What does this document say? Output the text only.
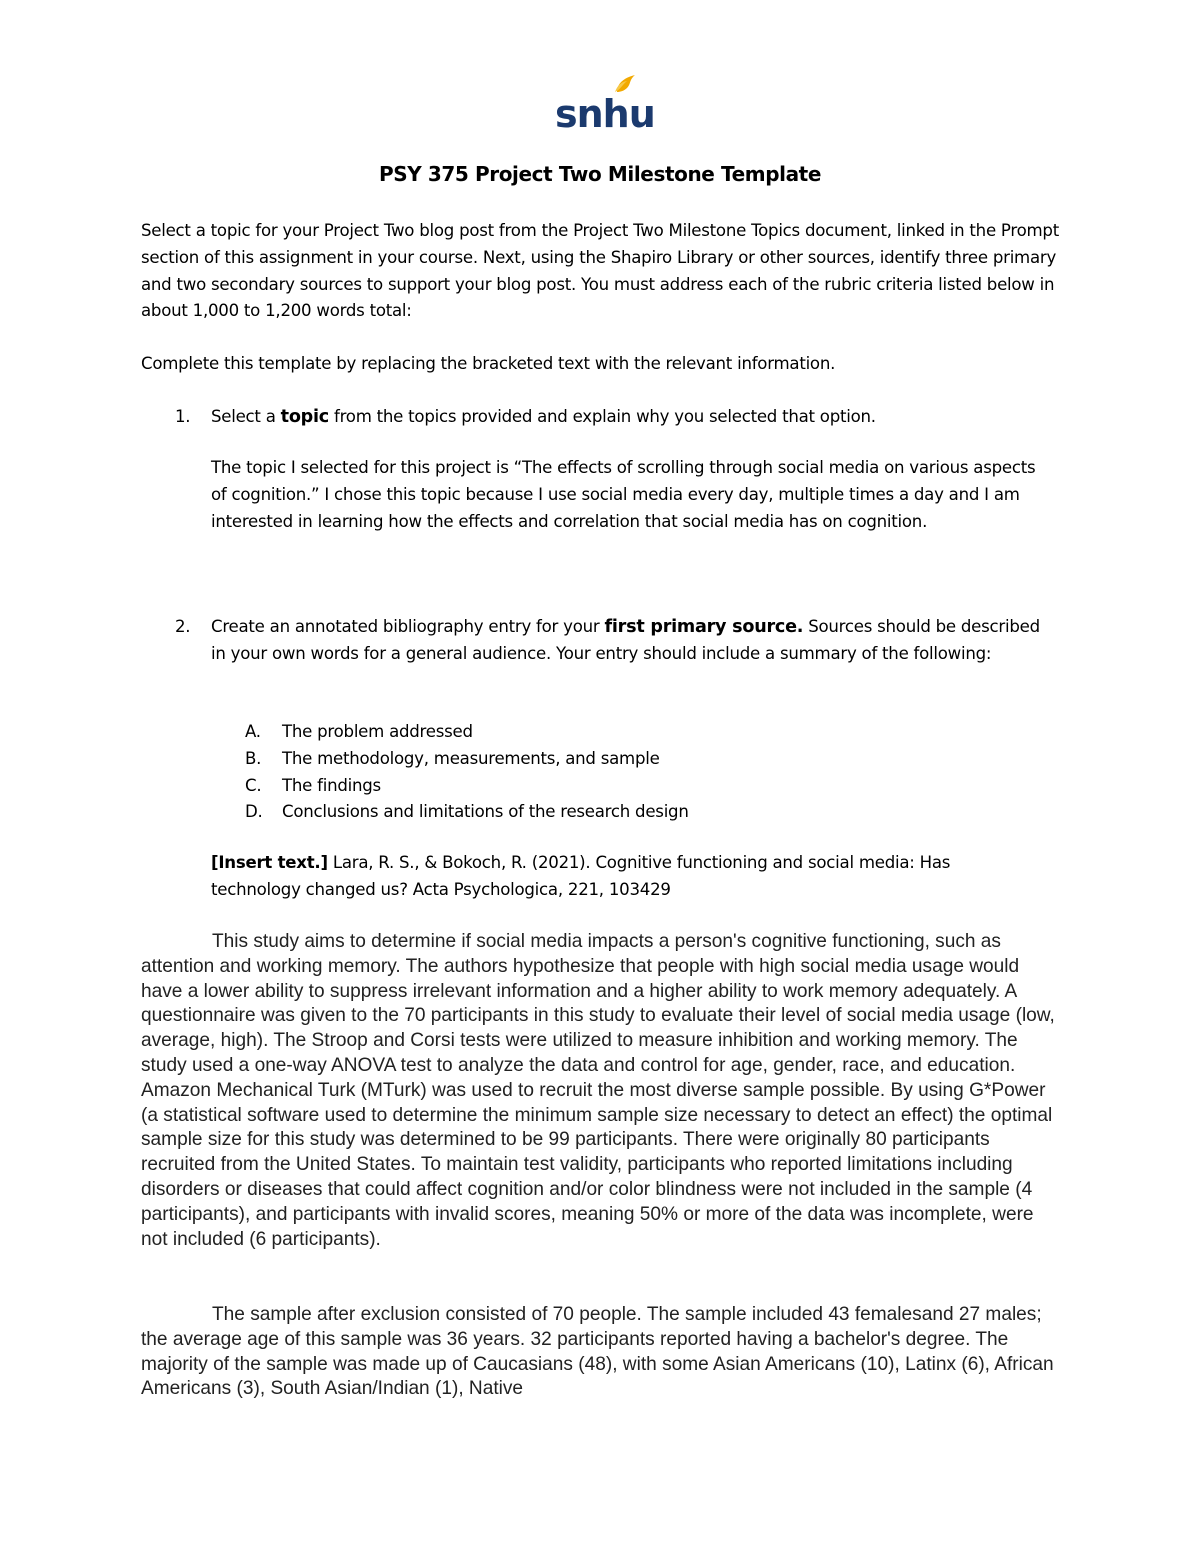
snhu
PSY 375 Project Two Milestone Template

Select a topic for your Project Two blog post from the Project Two Milestone Topics document, linked in the Prompt section of this assignment in your course. Next, using the Shapiro Library or other sources, identify three primary and two secondary sources to support your blog post. You must address each of the rubric criteria listed below in about 1,000 to 1,200 words total:

Complete this template by replacing the bracketed text with the relevant information.

1.	Select a topic from the topics provided and explain why you selected that option.

The topic I selected for this project is “The effects of scrolling through social media on various aspects of cognition.” I chose this topic because I use social media every day, multiple times a day and I am interested in learning how the effects and correlation that social media has on cognition.

2.	Create an annotated bibliography entry for your first primary source. Sources should be described in your own words for a general audience. Your entry should include a summary of the following:

A.	The problem addressed
B.	The methodology, measurements, and sample
C.	The findings
D.	Conclusions and limitations of the research design

[Insert text.] Lara, R. S., & Bokoch, R. (2021). Cognitive functioning and social media: Has technology changed us? Acta Psychologica, 221, 103429

This study aims to determine if social media impacts a person's cognitive functioning, such as attention and working memory. The authors hypothesize that people with high social media usage would have a lower ability to suppress irrelevant information and a higher ability to work memory adequately. A questionnaire was given to the 70 participants in this study to evaluate their level of social media usage (low, average, high). The Stroop and Corsi tests were utilized to measure inhibition and working memory. The study used a one-way ANOVA test to analyze the data and control for age, gender, race, and education. Amazon Mechanical Turk (MTurk) was used to recruit the most diverse sample possible. By using G*Power (a statistical software used to determine the minimum sample size necessary to detect an effect) the optimal sample size for this study was determined to be 99 participants. There were originally 80 participants recruited from the United States. To maintain test validity, participants who reported limitations including disorders or diseases that could affect cognition and/or color blindness were not included in the sample (4 participants), and participants with invalid scores, meaning 50% or more of the data was incomplete, were not included (6 participants).

The sample after exclusion consisted of 70 people. The sample included 43 femalesand 27 males; the average age of this sample was 36 years. 32 participants reported having a bachelor's degree. The majority of the sample was made up of Caucasians (48), with some Asian Americans (10), Latinx (6), African Americans (3), South Asian/Indian (1), Native
